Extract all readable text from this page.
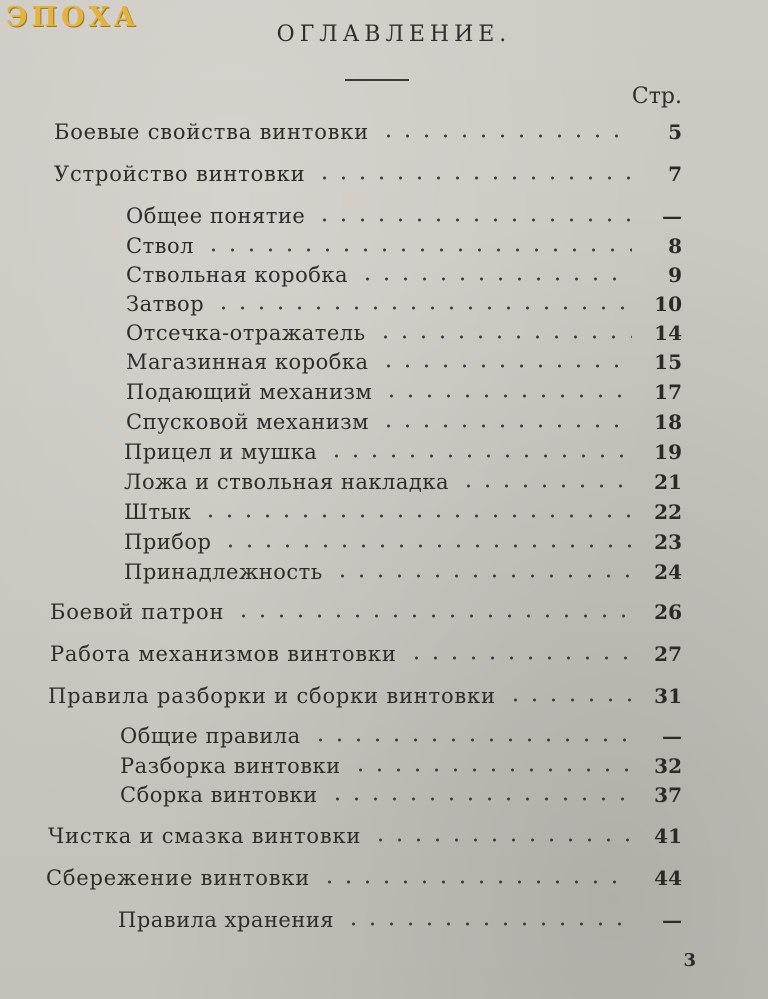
ЭПОХА
ОГЛАВЛЕНИЕ.
Стр.
Боевые свойства винтовки	5
Устройство винтовки	7
Общее понятие	—
Ствол	8
Ствольная коробка	9
Затвор	10
Отсечка-отражатель	14
Магазинная коробка	15
Подающий механизм	17
Спусковой механизм	18
Прицел и мушка	19
Ложа и ствольная накладка	21
Штык	22
Прибор	23
Принадлежность	24
Боевой патрон	26
Работа механизмов винтовки	27
Правила разборки и сборки винтовки	31
Общие правила	—
Разборка винтовки	32
Сборка винтовки	37
Чистка и смазка винтовки	41
Сбережение винтовки	44
Правила хранения	—
3
